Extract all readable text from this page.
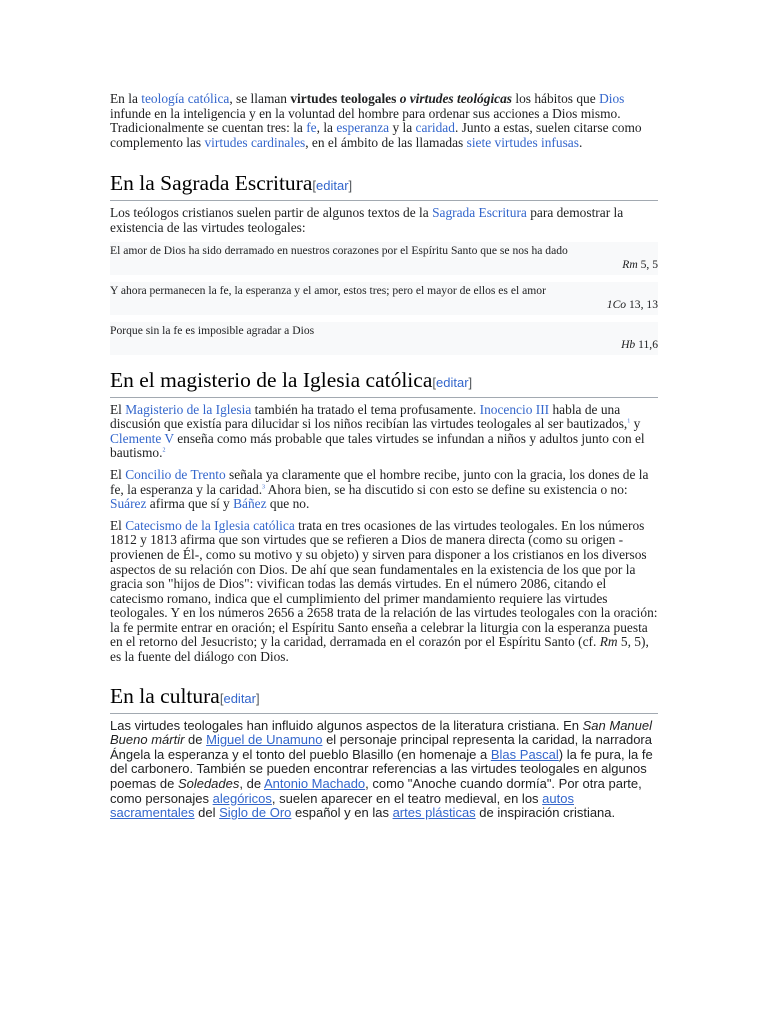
En la teología católica, se llaman virtudes teologales o virtudes teológicas los hábitos que Dios infunde en la inteligencia y en la voluntad del hombre para ordenar sus acciones a Dios mismo. Tradicionalmente se cuentan tres: la fe, la esperanza y la caridad. Junto a estas, suelen citarse como complemento las virtudes cardinales, en el ámbito de las llamadas siete virtudes infusas.

En la Sagrada Escritura[editar]

Los teólogos cristianos suelen partir de algunos textos de la Sagrada Escritura para demostrar la existencia de las virtudes teologales:

El amor de Dios ha sido derramado en nuestros corazones por el Espíritu Santo que se nos ha dado
Rm 5, 5
Y ahora permanecen la fe, la esperanza y el amor, estos tres; pero el mayor de ellos es el amor
1Co 13, 13
Porque sin la fe es imposible agradar a Dios
Hb 11,6
En el magisterio de la Iglesia católica[editar]

El Magisterio de la Iglesia también ha tratado el tema profusamente. Inocencio III habla de una discusión que existía para dilucidar si los niños recibían las virtudes teologales al ser bautizados,$^1$ y Clemente V enseña como más probable que tales virtudes se infundan a niños y adultos junto con el bautismo.$^2$

El Concilio de Trento señala ya claramente que el hombre recibe, junto con la gracia, los dones de la fe, la esperanza y la caridad.$^3$ Ahora bien, se ha discutido si con esto se define su existencia o no: Suárez afirma que sí y Báñez que no.

El Catecismo de la Iglesia católica trata en tres ocasiones de las virtudes teologales. En los números 1812 y 1813 afirma que son virtudes que se refieren a Dios de manera directa (como su origen -provienen de Él-, como su motivo y su objeto) y sirven para disponer a los cristianos en los diversos aspectos de su relación con Dios. De ahí que sean fundamentales en la existencia de los que por la gracia son "hijos de Dios": vivifican todas las demás virtudes. En el número 2086, citando el catecismo romano, indica que el cumplimiento del primer mandamiento requiere las virtudes teologales. Y en los números 2656 a 2658 trata de la relación de las virtudes teologales con la oración: la fe permite entrar en oración; el Espíritu Santo enseña a celebrar la liturgia con la esperanza puesta en el retorno del Jesucristo; y la caridad, derramada en el corazón por el Espíritu Santo (cf. Rm 5, 5), es la fuente del diálogo con Dios.

En la cultura[editar]

Las virtudes teologales han influido algunos aspectos de la literatura cristiana. En San Manuel Bueno mártir de Miguel de Unamuno el personaje principal representa la caridad, la narradora Ángela la esperanza y el tonto del pueblo Blasillo (en homenaje a Blas Pascal) la fe pura, la fe del carbonero. También se pueden encontrar referencias a las virtudes teologales en algunos poemas de Soledades, de Antonio Machado, como "Anoche cuando dormía". Por otra parte, como personajes alegóricos, suelen aparecer en el teatro medieval, en los autos sacramentales del Siglo de Oro español y en las artes plásticas de inspiración cristiana.
